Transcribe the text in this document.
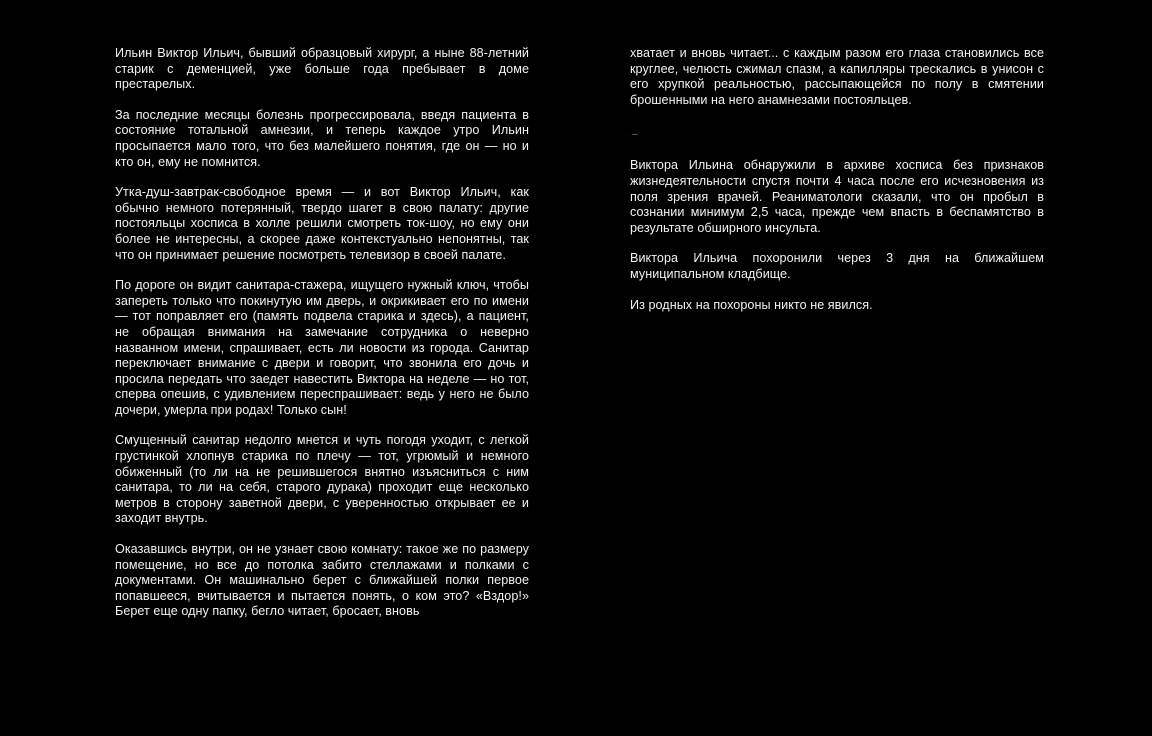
Ильин Виктор Ильич, бывший образцовый хирург, а ныне 88-летний старик с деменцией, уже больше года пребывает в доме престарелых.

За последние месяцы болезнь прогрессировала, введя пациента в состояние тотальной амнезии, и теперь каждое утро Ильин просыпается мало того, что без малейшего понятия, где он — но и кто он, ему не помнится.

Утка-душ-завтрак-свободное время — и вот Виктор Ильич, как обычно немного потерянный, твердо шагет в свою палату: другие постояльцы хосписа в холле решили смотреть ток-шоу, но ему они более не интересны, а скорее даже контекстуально непонятны, так что он принимает решение посмотреть телевизор в своей палате.

По дороге он видит санитара-стажера, ищущего нужный ключ, чтобы запереть только что покинутую им дверь, и окрикивает его по имени — тот поправляет его (память подвела старика и здесь), а пациент, не обращая внимания на замечание сотрудника о неверно названном имени, спрашивает, есть ли новости из города. Санитар переключает внимание с двери и говорит, что звонила его дочь и просила передать что заедет навестить Виктора на неделе — но тот, сперва опешив, с удивлением переспрашивает: ведь у него не было дочери, умерла при родах! Только сын!

Смущенный санитар недолго мнется и чуть погодя уходит, с легкой грустинкой хлопнув старика по плечу — тот, угрюмый и немного обиженный (то ли на не решившегося внятно изъясниться с ним санитара, то ли на себя, старого дурака) проходит еще несколько метров в сторону заветной двери, с уверенностью открывает ее и заходит внутрь.

Оказавшись внутри, он не узнает свою комнату: такое же по размеру помещение, но все до потолка забито стеллажами и полками с документами. Он машинально берет с ближайшей полки первое попавшееся, вчитывается и пытается понять, о ком это? «Вздор!» Берет еще одну папку, бегло читает, бросает, вновь

хватает и вновь читает... с каждым разом его глаза становились все круглее, челюсть сжимал спазм, а капилляры трескались в унисон с его хрупкой реальностью, рассыпающейся по полу в смятении брошенными на него анамнезами постояльцев.

Виктора Ильина обнаружили в архиве хосписа без признаков жизнедеятельности спустя почти 4 часа после его исчезновения из поля зрения врачей. Реаниматологи сказали, что он пробыл в сознании минимум 2,5 часа, прежде чем впасть в беспамятство в результате обширного инсульта.

Виктора Ильича похоронили через 3 дня на ближайшем муниципальном кладбище.

Из родных на похороны никто не явился.
